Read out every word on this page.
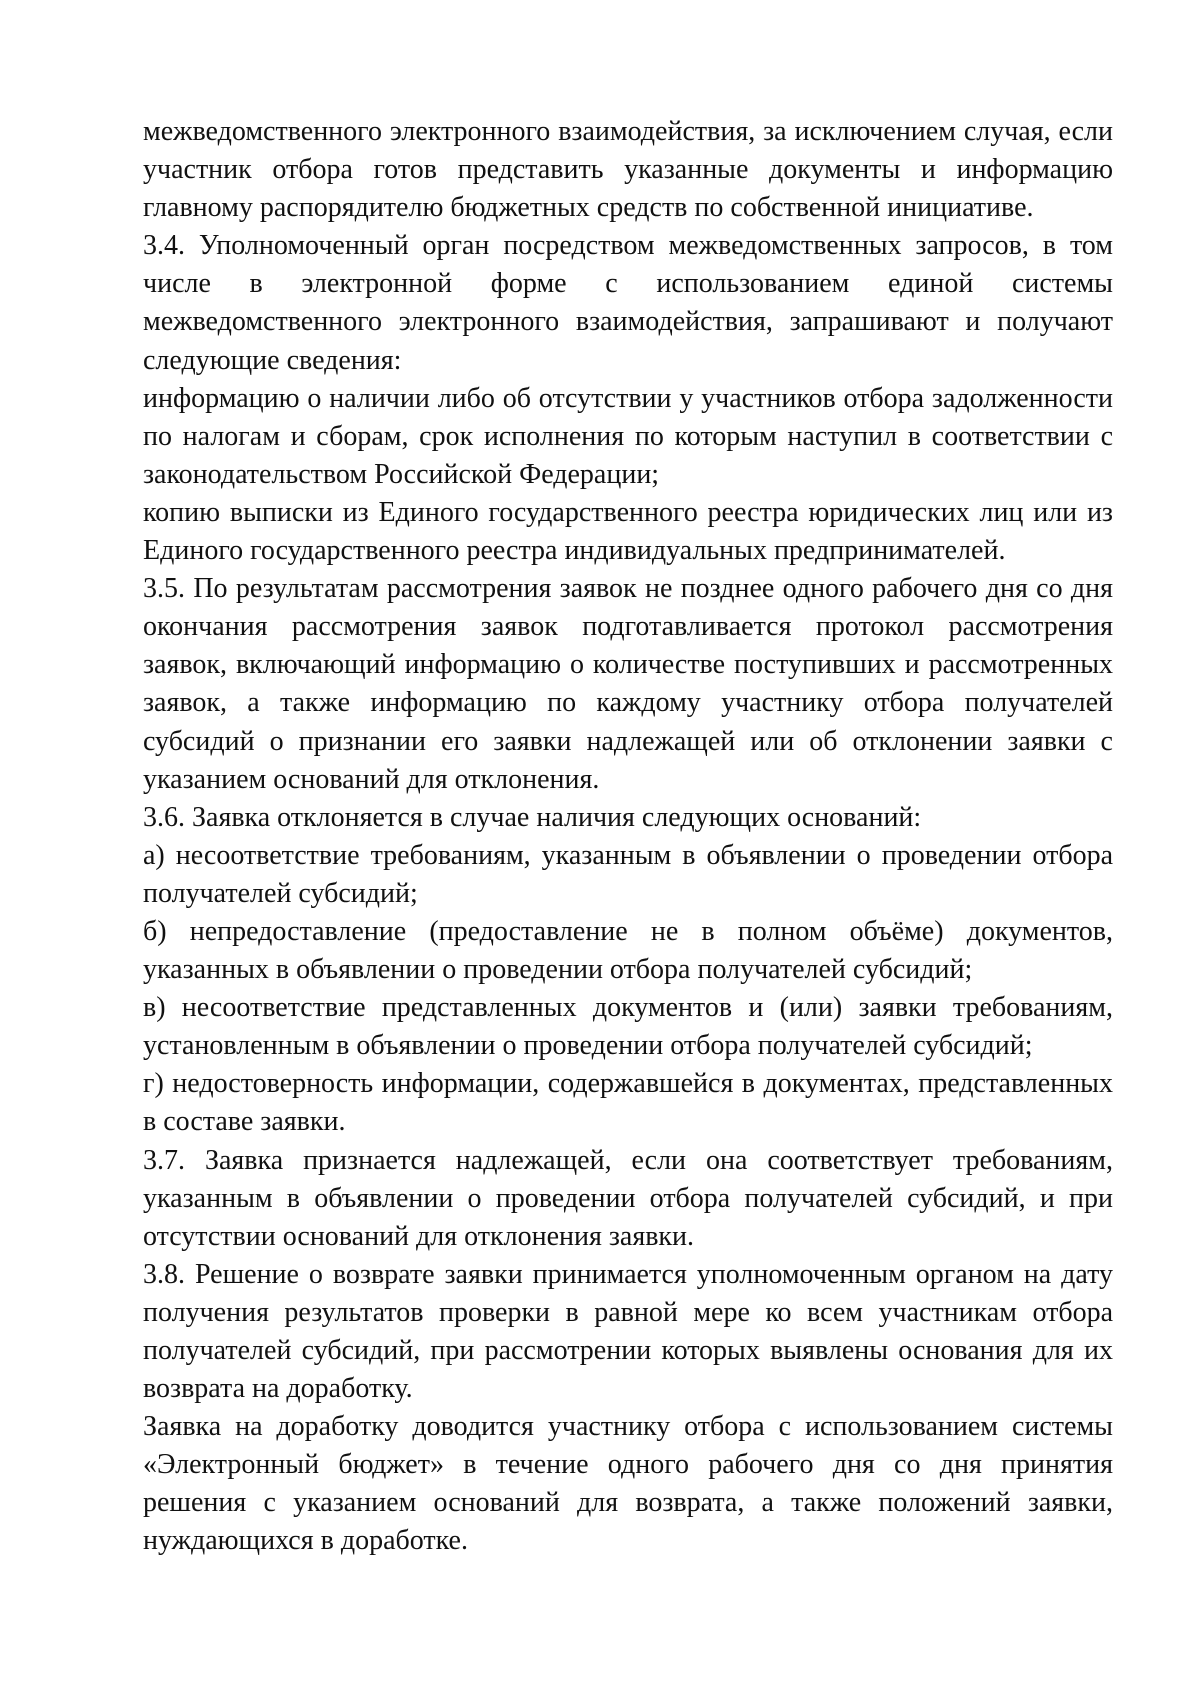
межведомственного электронного взаимодействия, за исключением случая, если участник отбора готов представить указанные документы и информацию главному распорядителю бюджетных средств по собственной инициативе.

3.4. Уполномоченный орган посредством межведомственных запросов, в том числе в электронной форме с использованием единой системы межведомственного электронного взаимодействия, запрашивают и получают следующие сведения:

информацию о наличии либо об отсутствии у участников отбора задолженности по налогам и сборам, срок исполнения по которым наступил в соответствии с законодательством Российской Федерации;

копию выписки из Единого государственного реестра юридических лиц или из Единого государственного реестра индивидуальных предпринимателей.

3.5. По результатам рассмотрения заявок не позднее одного рабочего дня со дня окончания рассмотрения заявок подготавливается протокол рассмотрения заявок, включающий информацию о количестве поступивших и рассмотренных заявок, а также информацию по каждому участнику отбора получателей субсидий о признании его заявки надлежащей или об отклонении заявки с указанием оснований для отклонения.

3.6. Заявка отклоняется в случае наличия следующих оснований:

а) несоответствие требованиям, указанным в объявлении о проведении отбора получателей субсидий;

б) непредоставление (предоставление не в полном объёме) документов, указанных в объявлении о проведении отбора получателей субсидий;

в) несоответствие представленных документов и (или) заявки требованиям, установленным в объявлении о проведении отбора получателей субсидий;

г) недостоверность информации, содержавшейся в документах, представленных в составе заявки.

3.7. Заявка признается надлежащей, если она соответствует требованиям, указанным в объявлении о проведении отбора получателей субсидий, и при отсутствии оснований для отклонения заявки.

3.8. Решение о возврате заявки принимается уполномоченным органом на дату получения результатов проверки в равной мере ко всем участникам отбора получателей субсидий, при рассмотрении которых выявлены основания для их возврата на доработку.

Заявка на доработку доводится участнику отбора с использованием системы «Электронный бюджет» в течение одного рабочего дня со дня принятия решения с указанием оснований для возврата, а также положений заявки, нуждающихся в доработке.
